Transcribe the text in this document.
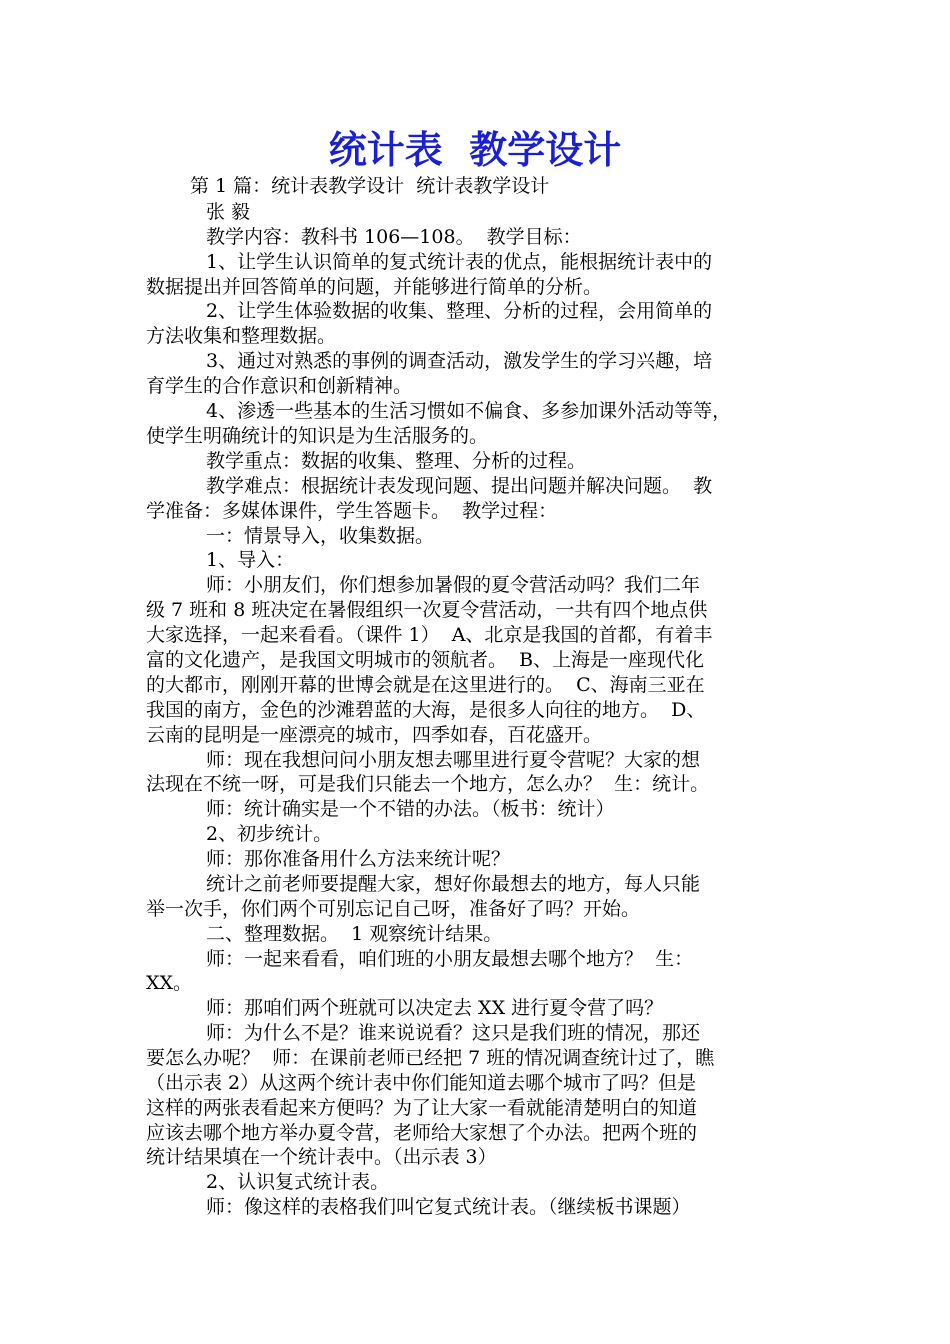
统计表  教学设计
第 1 篇：统计表教学设计  统计表教学设计
张 毅
教学内容：教科书 106—108。  教学目标：
1、让学生认识简单的复式统计表的优点，能根据统计表中的
数据提出并回答简单的问题，并能够进行简单的分析。
2、让学生体验数据的收集、整理、分析的过程，会用简单的
方法收集和整理数据。
3、通过对熟悉的事例的调查活动，激发学生的学习兴趣，培
育学生的合作意识和创新精神。
4、渗透一些基本的生活习惯如不偏食、多参加课外活动等等，
使学生明确统计的知识是为生活服务的。
教学重点：数据的收集、整理、分析的过程。
教学难点：根据统计表发现问题、提出问题并解决问题。  教
学准备：多媒体课件，学生答题卡。  教学过程：
一：情景导入，收集数据。
1、导入：
师：小朋友们，你们想参加暑假的夏令营活动吗？我们二年
级 7 班和 8 班决定在暑假组织一次夏令营活动，一共有四个地点供
大家选择，一起来看看。（课件 1）  A、北京是我国的首都，有着丰
富的文化遗产，是我国文明城市的领航者。  B、上海是一座现代化
的大都市，刚刚开幕的世博会就是在这里进行的。  C、海南三亚在
我国的南方，金色的沙滩碧蓝的大海，是很多人向往的地方。  D、
云南的昆明是一座漂亮的城市，四季如春，百花盛开。
师：现在我想问问小朋友想去哪里进行夏令营呢？大家的想
法现在不统一呀，可是我们只能去一个地方，怎么办？  生：统计。
师：统计确实是一个不错的办法。（板书：统计）
2、初步统计。
师：那你准备用什么方法来统计呢？
统计之前老师要提醒大家，想好你最想去的地方，每人只能
举一次手，你们两个可别忘记自己呀，准备好了吗？开始。
二、整理数据。  1 观察统计结果。
师：一起来看看，咱们班的小朋友最想去哪个地方？  生：
XX。
师：那咱们两个班就可以决定去 XX 进行夏令营了吗？
师：为什么不是？谁来说说看？这只是我们班的情况，那还
要怎么办呢？  师：在课前老师已经把 7 班的情况调查统计过了，瞧
（出示表 2）从这两个统计表中你们能知道去哪个城市了吗？但是
这样的两张表看起来方便吗？为了让大家一看就能清楚明白的知道
应该去哪个地方举办夏令营，老师给大家想了个办法。把两个班的
统计结果填在一个统计表中。（出示表 3）
2、认识复式统计表。
师：像这样的表格我们叫它复式统计表。（继续板书课题）
